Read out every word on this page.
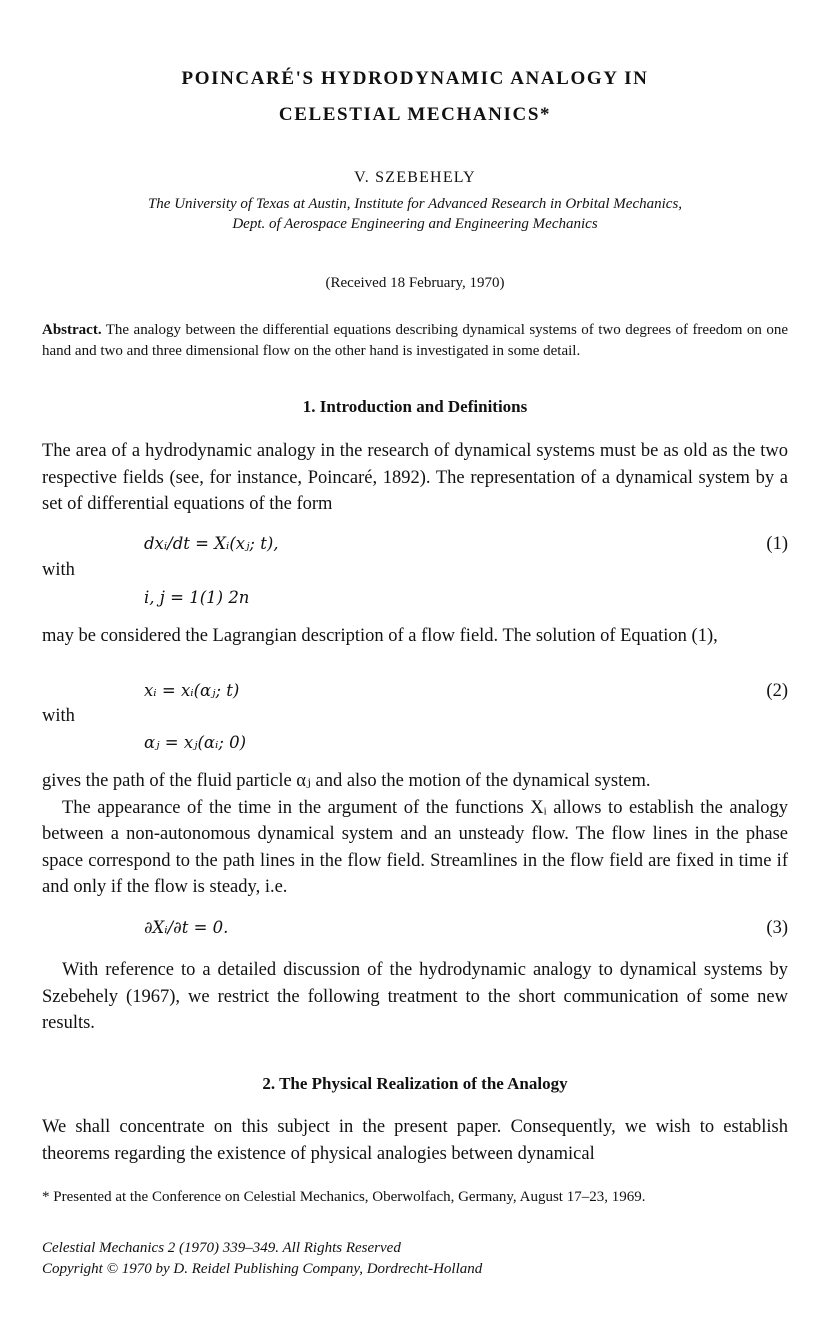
POINCARÉ'S HYDRODYNAMIC ANALOGY IN
CELESTIAL MECHANICS*
V. SZEBEHELY
The University of Texas at Austin, Institute for Advanced Research in Orbital Mechanics,
Dept. of Aerospace Engineering and Engineering Mechanics
(Received 18 February, 1970)
Abstract. The analogy between the differential equations describing dynamical systems of two degrees of freedom on one hand and two and three dimensional flow on the other hand is investigated in some detail.
1. Introduction and Definitions
The area of a hydrodynamic analogy in the research of dynamical systems must be as old as the two respective fields (see, for instance, Poincaré, 1892). The representation of a dynamical system by a set of differential equations of the form
dxᵢ/dt = Xᵢ(xⱼ; t),	(1)
with
i, j = 1(1) 2n
may be considered the Lagrangian description of a flow field. The solution of Equation (1),
xᵢ = xᵢ(αⱼ; t)	(2)
with
αⱼ = xⱼ(αᵢ; 0)
gives the path of the fluid particle αⱼ and also the motion of the dynamical system.
The appearance of the time in the argument of the functions Xᵢ allows to establish the analogy between a non-autonomous dynamical system and an unsteady flow. The flow lines in the phase space correspond to the path lines in the flow field. Streamlines in the flow field are fixed in time if and only if the flow is steady, i.e.
∂Xᵢ/∂t = 0.	(3)
With reference to a detailed discussion of the hydrodynamic analogy to dynamical systems by Szebehely (1967), we restrict the following treatment to the short communication of some new results.
2. The Physical Realization of the Analogy
We shall concentrate on this subject in the present paper. Consequently, we wish to establish theorems regarding the existence of physical analogies between dynamical
* Presented at the Conference on Celestial Mechanics, Oberwolfach, Germany, August 17–23, 1969.
Celestial Mechanics 2 (1970) 339–349. All Rights Reserved
Copyright © 1970 by D. Reidel Publishing Company, Dordrecht-Holland
